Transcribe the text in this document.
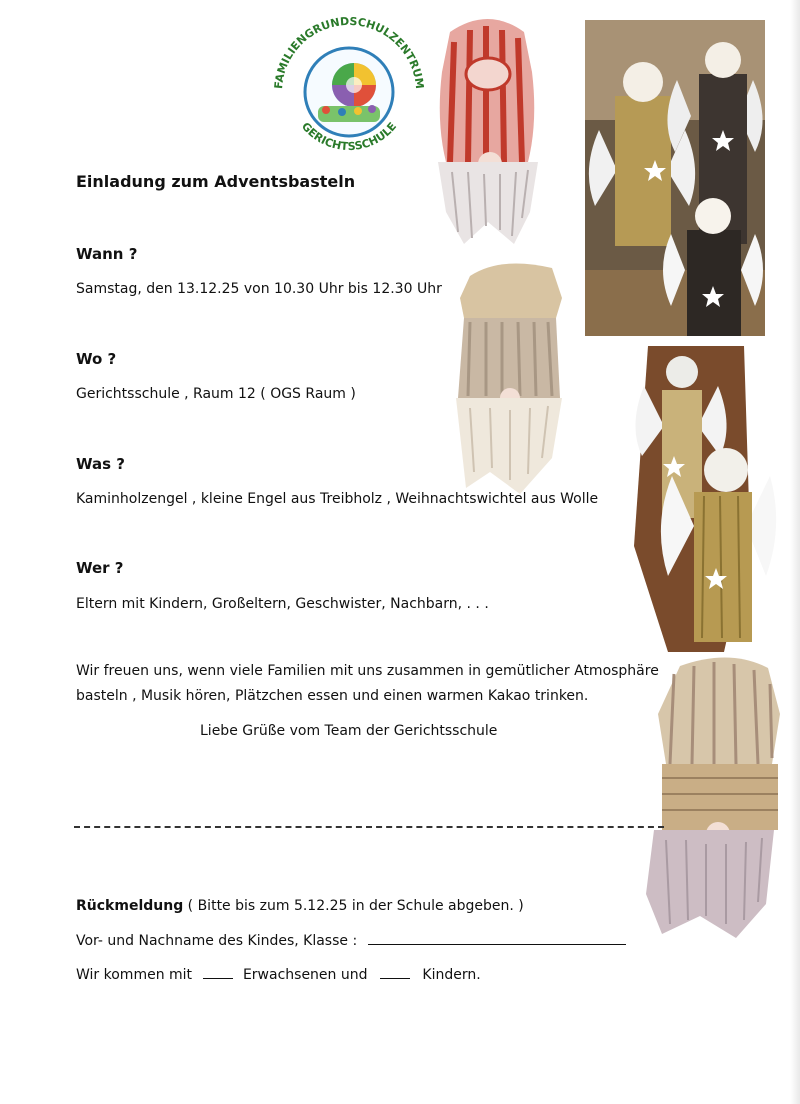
FAMILIENGRUNDSCHULZENTRUM
GERICHTSSCHULE
Einladung zum Adventsbasteln
Wann ?
Samstag, den 13.12.25 von 10.30 Uhr bis 12.30 Uhr
Wo ?
Gerichtsschule , Raum 12 ( OGS Raum )
Was ?
Kaminholzengel , kleine Engel aus Treibholz , Weihnachtswichtel aus Wolle
Wer ?
Eltern mit Kindern, Großeltern, Geschwister, Nachbarn, . . .
Wir freuen uns, wenn viele Familien mit uns zusammen in gemütlicher Atmosphäre
basteln , Musik hören, Plätzchen essen und einen warmen Kakao trinken.
Liebe Grüße vom Team der Gerichtsschule
Rückmeldung ( Bitte bis zum 5.12.25 in der Schule abgeben. )
Vor- und Nachname des Kindes, Klasse :
Wir kommen mit	Erwachsenen und	Kindern.
